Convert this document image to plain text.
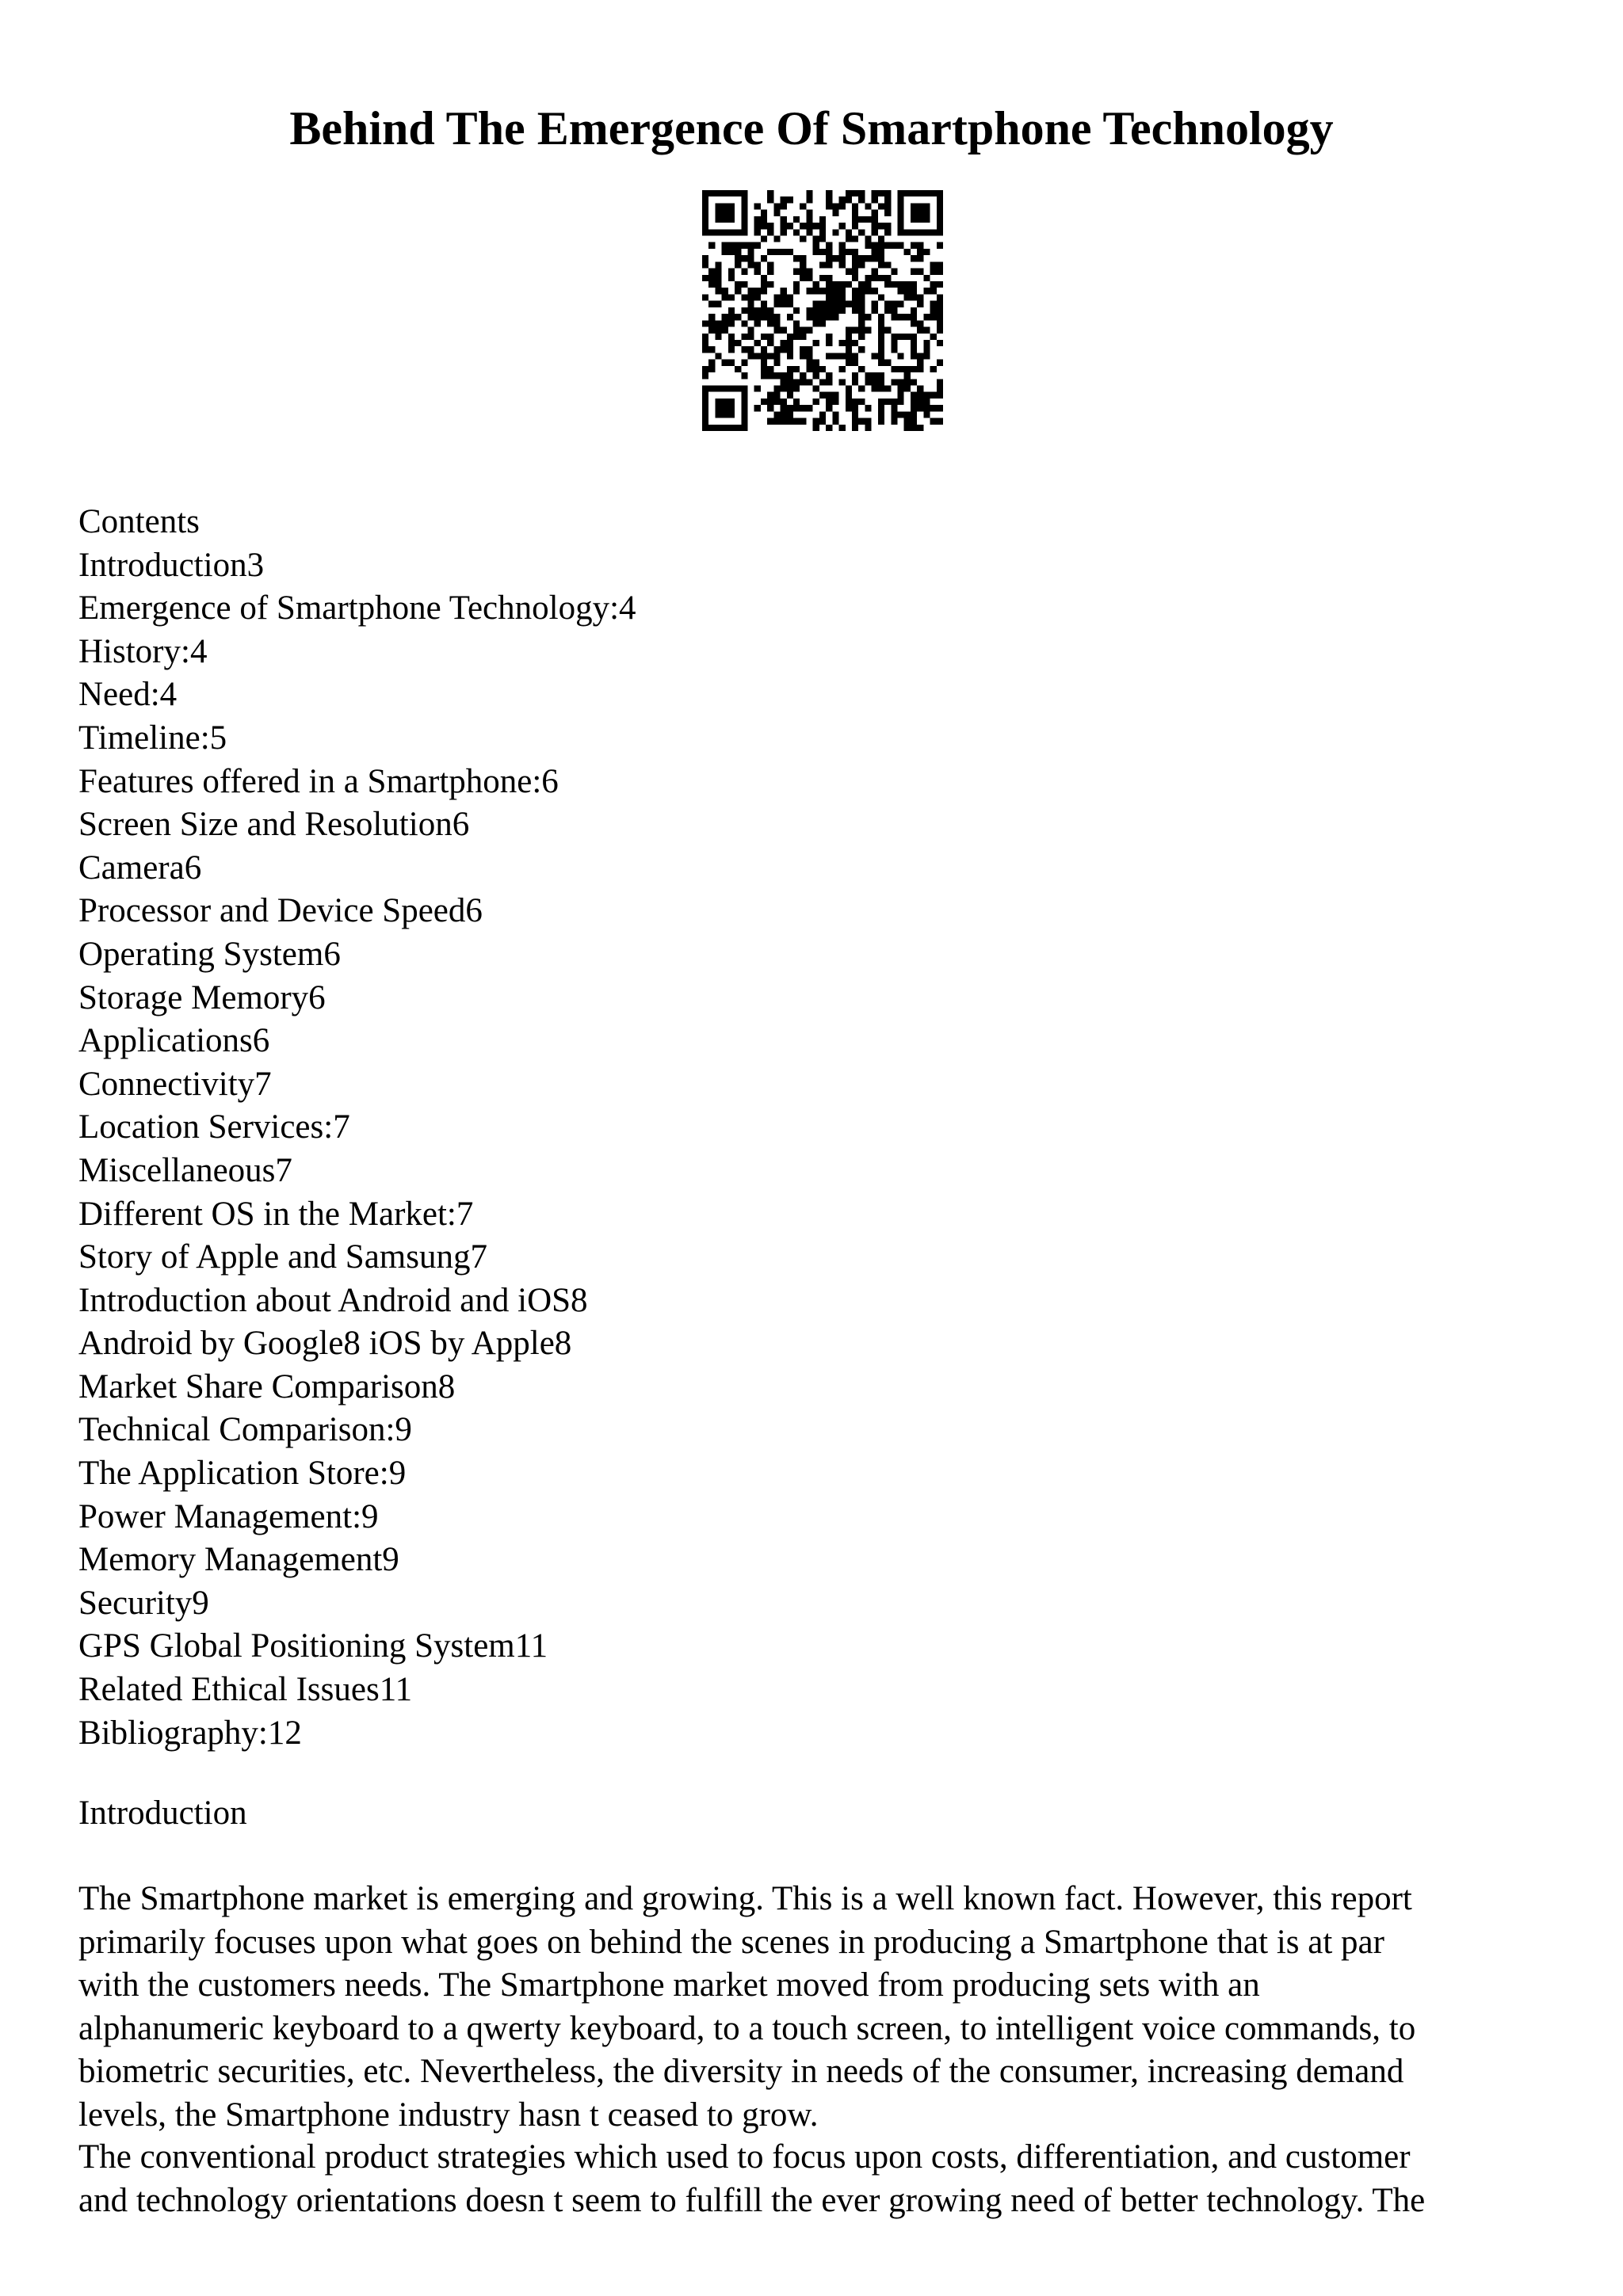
Behind The Emergence Of Smartphone Technology
Contents
Introduction3
Emergence of Smartphone Technology:4
History:4
Need:4
Timeline:5
Features offered in a Smartphone:6
Screen Size and Resolution6
Camera6
Processor and Device Speed6
Operating System6
Storage Memory6
Applications6
Connectivity7
Location Services:7
Miscellaneous7
Different OS in the Market:7
Story of Apple and Samsung7
Introduction about Android and iOS8
Android by Google8 iOS by Apple8
Market Share Comparison8
Technical Comparison:9
The Application Store:9
Power Management:9
Memory Management9
Security9
GPS Global Positioning System11
Related Ethical Issues11
Bibliography:12
Introduction

The Smartphone market is emerging and growing. This is a well known fact. However, this report
primarily focuses upon what goes on behind the scenes in producing a Smartphone that is at par
with the customers needs. The Smartphone market moved from producing sets with an
alphanumeric keyboard to a qwerty keyboard, to a touch screen, to intelligent voice commands, to
biometric securities, etc. Nevertheless, the diversity in needs of the consumer, increasing demand
levels, the Smartphone industry hasn t ceased to grow.

The conventional product strategies which used to focus upon costs, differentiation, and customer
and technology orientations doesn t seem to fulfill the ever growing need of better technology. The
